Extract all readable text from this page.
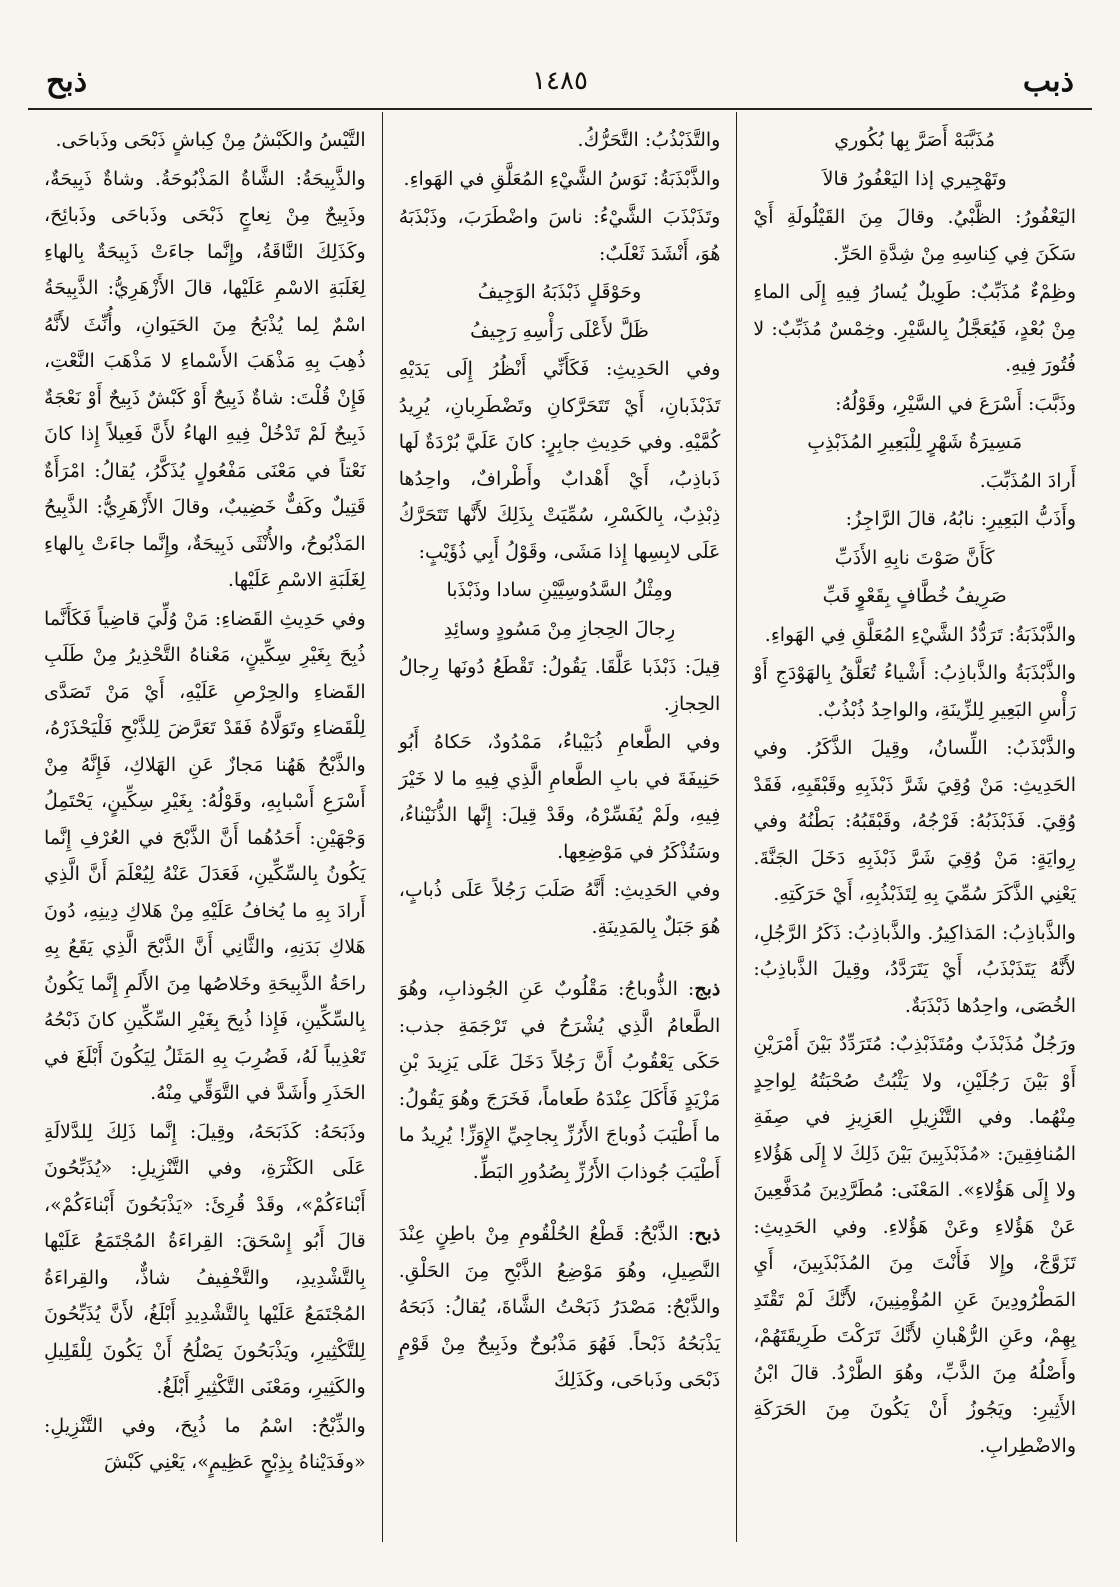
ذبب
١٤٨٥
ذبح

مُذَبَّبَهْ أَصَرَّ بِها بُكُوري

وتَهْجِيري إذا اليَعْفُورُ قالاَ

اليَعْفُورُ: الظَّبْيُ. وقالَ مِنَ القَيْلُولَةِ أَيْ سَكَنَ فِي كِناسِهِ مِنْ شِدَّةِ الحَرِّ.

وظِمْءٌ مُذَبِّبٌ: طَوِيلٌ يُسارُ فِيهِ إِلَى الماءِ مِنْ بُعْدٍ، فَيُعَجَّلُ بِالسَّيْرِ. وخِمْسٌ مُذَبِّبٌ: لا فُتُورَ فِيهِ.

وذَبَّبَ: أَسْرَعَ في السَّيْرِ، وقَوْلُهُ:

مَسِيرَةُ شَهْرٍ لِلْبَعِيرِ المُذَبْذِبِ

أَرادَ المُذَبِّبَ.

وأَذَبُّ البَعِيرِ: نابُهُ، قالَ الرَّاجِزُ:

كَأَنَّ صَوْتَ نابِهِ الأَذَبِّ

صَرِيفُ خُطَّافٍ بِقَعْوٍ قَبِّ

والذَّبْذَبَةُ: تَرَدُّدُ الشَّيْءِ المُعَلَّقِ فِي الهَواءِ.

والذَّبْذَبَةُ والذَّباذِبُ: أَشْياءُ تُعَلَّقُ بِالهَوْدَجِ أَوْ رَأْسِ البَعِيرِ لِلزِّينَةِ، والواحِدُ ذُبْذُبٌ.

والذَّبْذَبُ: اللِّسانُ، وقِيلَ الذَّكَرُ. وفي الحَدِيثِ: مَنْ وُقِيَ شَرَّ ذَبْذَبِهِ وقَبْقَبِهِ، فَقَدْ وُقِيَ. فَذَبْذَبُهُ: فَرْجُهُ، وقَبْقَبُهُ: بَطْنُهُ وفي رِوايَةٍ: مَنْ وُقِيَ شَرَّ ذَبْذَبِهِ دَخَلَ الجَنَّةَ. يَعْنِي الذَّكَرَ سُمِّيَ بِهِ لِتَذَبْذُبِهِ، أَيْ حَرَكَتِهِ.

والذَّباذِبُ: المَذاكِيرُ. والذَّباذِبُ: ذَكَرُ الرَّجُلِ، لأَنَّهُ يَتَذَبْذَبُ، أَيْ يَتَرَدَّدُ، وقِيلَ الذَّباذِبُ: الخُصَى، واحِدُها ذَبْذَبَةٌ.

ورَجُلٌ مُذَبْذَبٌ ومُتَذَبْذِبٌ: مُتَرَدِّدٌ بَيْنَ أَمْرَيْنِ أَوْ بَيْنَ رَجُلَيْنِ، ولا يَثْبُتُ صُحْبَتُهُ لِواحِدٍ مِنْهُما. وفي التَّنْزِيلِ العَزِيزِ في صِفَةِ المُنافِقِينَ: «مُذَبْذَبِينَ بَيْنَ ذَلِكَ لا إِلَى هَؤُلاءِ ولا إِلَى هَؤُلاءِ». المَعْنَى: مُطَرَّدِينَ مُدَفَّعِينَ عَنْ هَؤُلاءِ وعَنْ هَؤُلاءِ. وفي الحَدِيثِ: تَزَوَّجْ، وإِلا فَأَنْتَ مِنَ المُذَبْذَبِينَ، أَيِ المَطْرُودِينَ عَنِ المُؤْمِنِينَ، لأَنَّكَ لَمْ تَقْتَدِ بِهِمْ، وعَنِ الرُّهْبانِ لأَنَّكَ تَرَكْتَ طَرِيقَتَهُمْ، وأَصْلُهُ مِنَ الذَّبِّ، وهُوَ الطَّرْدُ. قالَ ابْنُ الأَثِيرِ: ويَجُوزُ أَنْ يَكُونَ مِنَ الحَرَكَةِ والاضْطِرابِ.

والتَّذَبْذُبُ: التَّحَرُّكُ.

والذَّبْذَبَةُ: نَوَسُ الشَّيْءِ المُعَلَّقِ في الهَواءِ.

وتَذَبْذَبَ الشَّيْءُ: ناسَ واضْطَرَبَ، وذَبْذَبَهُ هُوَ، أَنْشَدَ ثَعْلَبٌ:

وحَوْقَلٍ ذَبْذَبَهُ الوَجِيفُ

ظَلَّ لأَعْلَى رَأْسِهِ رَجِيفُ

وفي الحَدِيثِ: فَكَأَنِّي أَنْظُرُ إِلَى يَدَيْهِ تَذَبْذَبانِ، أَيْ تَتَحَرَّكانِ وتَضْطَرِبانِ، يُرِيدُ كُمَّيْهِ. وفي حَدِيثِ جابِرٍ: كانَ عَلَيَّ بُرْدَةٌ لَها ذَباذِبُ، أَيْ أَهْدابٌ وأَطْرافٌ، واحِدُها ذِبْذِبٌ، بِالكَسْرِ، سُمِّيَتْ بِذَلِكَ لأَنَّها تَتَحَرَّكُ عَلَى لابِسِها إِذا مَشَى، وقَوْلُ أَبِي ذُؤَيْبٍ:

ومِثْلُ السَّدُوسِيَّيْنِ سادا وذَبْذَبا

رِجالَ الحِجازِ مِنْ مَسُودٍ وسائِدِ

قِيلَ: ذَبْذَبا عَلَّقَا. يَقُولُ: تَقْطَعُ دُونَها رِجالُ الحِجازِ.

وفي الطَّعامِ ذُبَيْباءُ، مَمْدُودٌ، حَكاهُ أَبُو حَنِيفَةَ في بابِ الطَّعامِ الَّذِي فِيهِ ما لا خَيْرَ فِيهِ، ولَمْ يُفَسِّرْهُ، وقَدْ قِيلَ: إِنَّها الذُّنَيْناءُ، وسَتُذْكَرُ في مَوْضِعِها.

وفي الحَدِيثِ: أَنَّهُ صَلَبَ رَجُلاً عَلَى ذُبابٍ، هُوَ جَبَلٌ بِالمَدِينَةِ.

ذبج: الذُّوباجُ: مَقْلُوبٌ عَنِ الجُوذابِ، وهُوَ الطَّعامُ الَّذِي يُشْرَحُ في تَرْجَمَةِ جذب: حَكَى يَعْقُوبُ أَنَّ رَجُلاً دَخَلَ عَلَى يَزِيدَ بْنِ مَزْيَدٍ فَأَكَلَ عِنْدَهُ طَعاماً، فَخَرَجَ وهُوَ يَقُولُ: ما أَطْيَبَ ذُوباجَ الأَرُزِّ بِجاجِيِّ الإِوَزِّ! يُرِيدُ ما أَطْيَبَ جُوذابَ الأَرُزِّ بِصُدُورِ البَطِّ.

ذبح: الذَّبْحُ: قَطْعُ الحُلْقُومِ مِنْ باطِنٍ عِنْدَ النَّصِيلِ، وهُوَ مَوْضِعُ الذَّبْحِ مِنَ الحَلْقِ. والذَّبْحُ: مَصْدَرُ ذَبَحْتُ الشَّاةَ، يُقالُ: ذَبَحَهُ يَذْبَحُهُ ذَبْحاً. فَهُوَ مَذْبُوحٌ وذَبِيحٌ مِنْ قَوْمٍ ذَبْحَى وذَباحَى، وكَذَلِكَ

التَّيْسُ والكَبْشُ مِنْ كِباشٍ ذَبْحَى وذَباحَى.

والذَّبِيحَةُ: الشَّاةُ المَذْبُوحَةُ. وشاةٌ ذَبِيحَةٌ، وذَبِيحٌ مِنْ نِعاجٍ ذَبْحَى وذَباحَى وذَبائِحَ، وكَذَلِكَ النَّاقَةُ، وإِنَّما جاءَتْ ذَبِيحَةٌ بِالهاءِ لِغَلَبَةِ الاسْمِ عَلَيْها، قالَ الأَزْهَرِيُّ: الذَّبِيحَةُ اسْمٌ لِما يُذْبَحُ مِنَ الحَيَوانِ، وأُنِّثَ لأَنَّهُ ذُهِبَ بِهِ مَذْهَبَ الأَسْماءِ لا مَذْهَبَ النَّعْتِ، فَإِنْ قُلْتَ: شاةٌ ذَبِيحٌ أَوْ كَبْشٌ ذَبِيحٌ أَوْ نَعْجَةٌ ذَبِيحٌ لَمْ تَدْخُلْ فِيهِ الهاءُ لأَنَّ فَعِيلاً إِذا كانَ نَعْتاً في مَعْنَى مَفْعُولٍ يُذَكَّرُ، يُقالُ: امْرَأَةٌ قَتِيلٌ وكَفٌّ خَضِيبٌ، وقالَ الأَزْهَرِيُّ: الذَّبِيحُ المَذْبُوحُ، والأُنْثَى ذَبِيحَةٌ، وإِنَّما جاءَتْ بِالهاءِ لِغَلَبَةِ الاسْمِ عَلَيْها.

وفي حَدِيثِ القَضاءِ: مَنْ وُلِّيَ قاضِياً فَكَأَنَّما ذُبِحَ بِغَيْرِ سِكِّينٍ، مَعْناهُ التَّحْذِيرُ مِنْ طَلَبِ القَضاءِ والحِرْصِ عَلَيْهِ، أَيْ مَنْ تَصَدَّى لِلْقَضاءِ وتَوَلَّاهُ فَقَدْ تَعَرَّضَ لِلذَّبْحِ فَلْيَحْذَرْهُ، والذَّبْحُ هَهُنا مَجازٌ عَنِ الهَلاكِ، فَإِنَّهُ مِنْ أَسْرَعِ أَسْبابِهِ، وقَوْلُهُ: بِغَيْرِ سِكِّينٍ، يَحْتَمِلُ وَجْهَيْنِ: أَحَدُهُما أَنَّ الذَّبْحَ في العُرْفِ إِنَّما يَكُونُ بِالسِّكِّينِ، فَعَدَلَ عَنْهُ لِيُعْلَمَ أَنَّ الَّذِي أَرادَ بِهِ ما يُخافُ عَلَيْهِ مِنْ هَلاكِ دِينِهِ، دُونَ هَلاكِ بَدَنِهِ، والثَّانِي أَنَّ الذَّبْحَ الَّذِي يَقَعُ بِهِ راحَةُ الذَّبِيحَةِ وخَلاصُها مِنَ الأَلَمِ إِنَّما يَكُونُ بِالسِّكِّينِ، فَإِذا ذُبِحَ بِغَيْرِ السِّكِّينِ كانَ ذَبْحُهُ تَعْذِيباً لَهُ، فَضُرِبَ بِهِ المَثَلُ لِيَكُونَ أَبْلَغَ في الحَذَرِ وأَشَدَّ في التَّوَقِّي مِنْهُ.

وذَبَحَهُ: كَذَبَحَهُ، وقِيلَ: إِنَّما ذَلِكَ لِلدَّلالَةِ عَلَى الكَثْرَةِ، وفي التَّنْزِيلِ: «يُذَبِّحُونَ أَبْناءَكُمْ»، وقَدْ قُرِئَ: «يَذْبَحُونَ أَبْناءَكُمْ»، قالَ أَبُو إِسْحَقَ: القِراءَةُ المُجْتَمَعُ عَلَيْها بِالتَّشْدِيدِ، والتَّخْفِيفُ شاذٌّ، والقِراءَةُ المُجْتَمَعُ عَلَيْها بِالتَّشْدِيدِ أَبْلَغُ، لأَنَّ يُذَبِّحُونَ لِلتَّكْثِيرِ، ويَذْبَحُونَ يَصْلُحُ أَنْ يَكُونَ لِلْقَلِيلِ والكَثِيرِ، ومَعْنَى التَّكْثِيرِ أَبْلَغُ.

والذِّبْحُ: اسْمُ ما ذُبِحَ، وفي التَّنْزِيلِ: «وفَدَيْناهُ بِذِبْحٍ عَظِيمٍ»، يَعْنِي كَبْشَ
